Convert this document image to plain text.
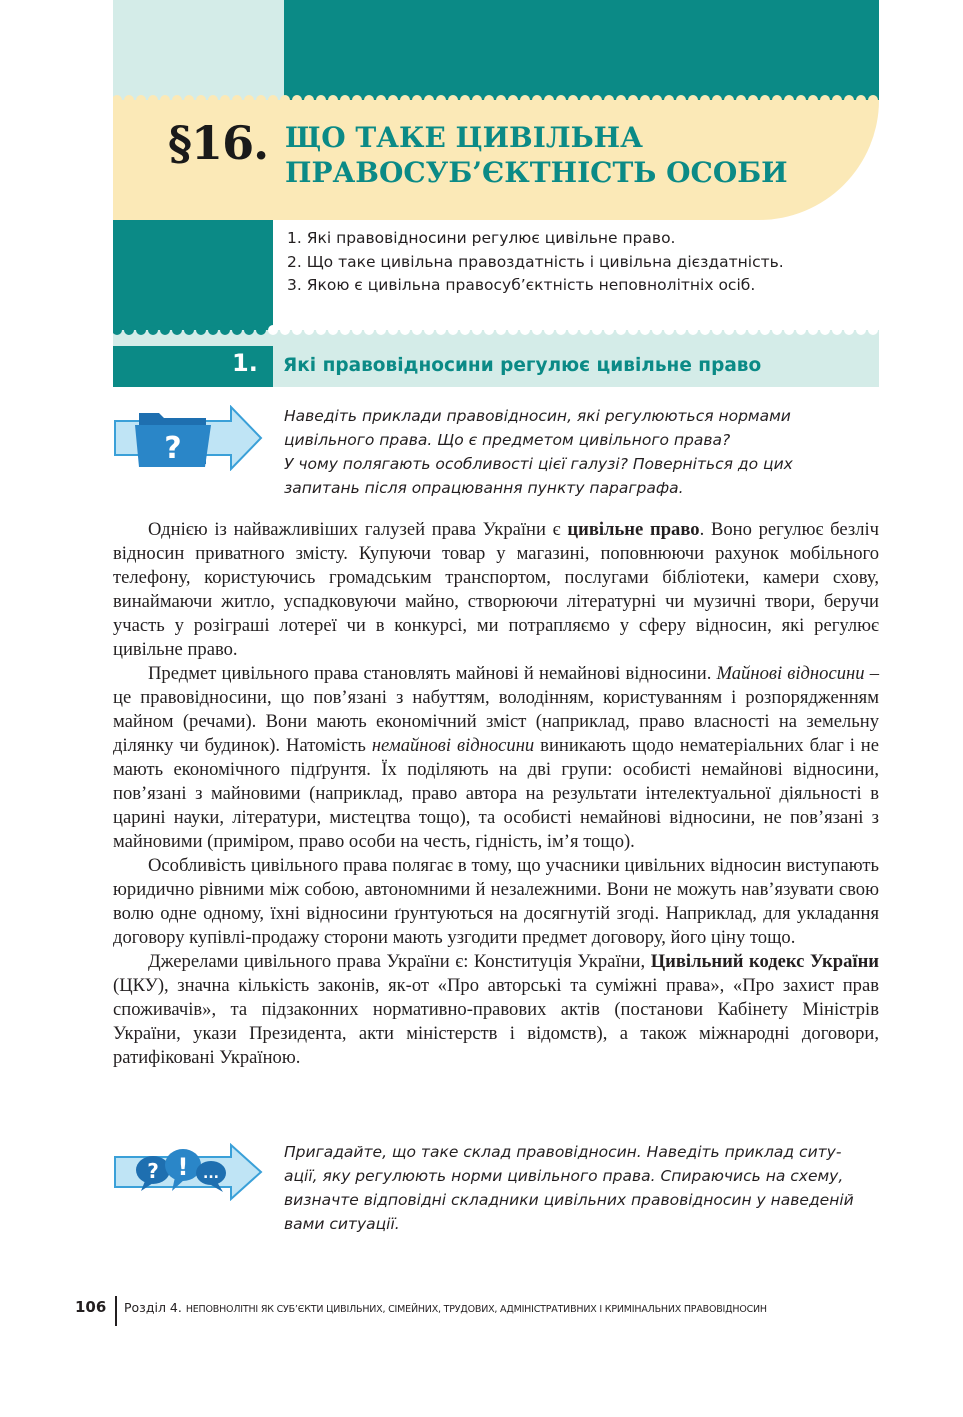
§16. ЩО ТАКЕ ЦИВІЛЬНА
ПРАВОСУБ’ЄКТНІСТЬ ОСОБИ
1. Які правовідносини регулює цивільне право.
2. Що таке цивільна правоздатність і цивільна дієздатність.
3. Якою є цивільна правосуб’єктність неповнолітніх осіб.
1. Які правовідносини регулює цивільне право
?
Наведіть приклади правовідносин, які регулюються нормами
цивільного права. Що є предметом цивільного права?
У чому полягають особливості цієї галузі? Поверніться до цих
запитань після опрацювання пункту параграфа.

Однією із найважливіших галузей права України є цивільне право. Воно регулює безліч відносин приватного змісту. Купуючи товар у магазині, поповнюючи рахунок мобільного телефону, користуючись громадським транспортом, послугами бібліотеки, камери схову, винаймаючи житло, успадковуючи майно, створюючи літературні чи музичні твори, беручи участь у розіграші лотереї чи в конкурсі, ми потрапляємо у сферу відносин, які регулює цивільне право.

Предмет цивільного права становлять майнові й немайнові відносини. Майнові відносини – це правовідносини, що пов’язані з набуттям, володінням, користуванням і розпорядженням майном (речами). Вони мають економічний зміст (наприклад, право власності на земельну ділянку чи будинок). Натомість немайнові відносини виникають щодо нематеріальних благ і не мають економічного підґрунтя. Їх поділяють на дві групи: особисті немайнові відносини, пов’язані з майновими (наприклад, право автора на результати інтелектуальної діяльності в царині науки, літератури, мистецтва тощо), та особисті немайнові відносини, не пов’язані з майновими (приміром, право особи на честь, гідність, ім’я тощо).

Особливість цивільного права полягає в тому, що учасники цивільних відносин виступають юридично рівними між собою, автономними й незалежними. Вони не можуть нав’язувати свою волю одне одному, їхні відносини ґрунтуються на досягнутій згоді. Наприклад, для укладання договору купівлі-продажу сторони мають узгодити предмет договору, його ціну тощо.

Джерелами цивільного права України є: Конституція України, Цивільний кодекс України (ЦКУ), значна кількість законів, як-от «Про авторські та суміжні права», «Про захист прав споживачів», та підзаконних нормативно-правових актів (постанови Кабінету Міністрів України, укази Президента, акти міністерств і відомств), а також міжнародні договори, ратифіковані Україною.

? ! ...
Пригадайте, що таке склад правовідносин. Наведіть приклад ситу-
ації, яку регулюють норми цивільного права. Спираючись на схему,
визначте відповідні складники цивільних правовідносин у наведеній
вами ситуації.
106 Розділ 4. НЕПОВНОЛІТНІ ЯК СУБ’ЄКТИ ЦИВІЛЬНИХ, СІМЕЙНИХ, ТРУДОВИХ, АДМІНІСТРАТИВНИХ І КРИМІНАЛЬНИХ ПРАВОВІДНОСИН
